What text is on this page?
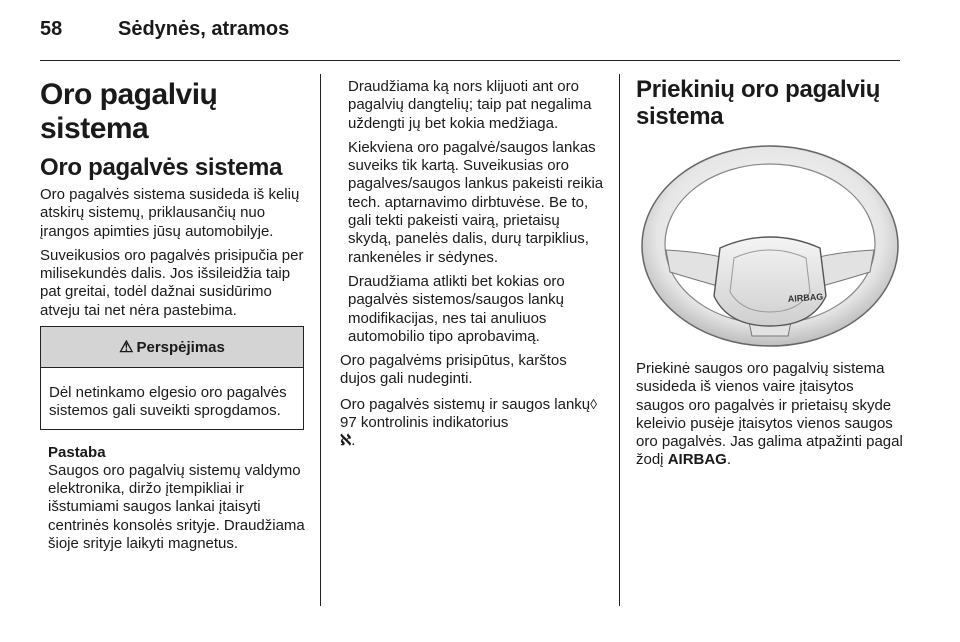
58	Sėdynės, atramos
Oro pagalvių sistema
Oro pagalvės sistema

Oro pagalvės sistema susideda iš kelių atskirų sistemų, priklausančių nuo įrangos apimties jūsų automobilyje.

Suveikusios oro pagalvės prisipučia per milisekundės dalis. Jos išsileidžia taip pat greitai, todėl dažnai susidūrimo atveju tai net nėra pastebima.

⚠ Perspėjimas
Dėl netinkamo elgesio oro pagalvės sistemos gali suveikti sprogdamos.
Pastaba

Saugos oro pagalvių sistemų valdymo elektronika, diržo įtempikliai ir išstumiami saugos lankai įtaisyti centrinės konsolės srityje. Draudžiama šioje srityje laikyti magnetus.

Draudžiama ką nors klijuoti ant oro pagalvių dangtelių; taip pat negalima uždengti jų bet kokia medžiaga.

Kiekviena oro pagalvė/saugos lankas suveiks tik kartą. Suveikusias oro pagalves/saugos lankus pakeisti reikia tech. aptarnavimo dirbtuvėse. Be to, gali tekti pakeisti vairą, prietaisų skydą, panelės dalis, durų tarpiklius, rankenėles ir sėdynes.

Draudžiama atlikti bet kokias oro pagalvės sistemos/saugos lankų modifikacijas, nes tai anuliuos automobilio tipo aprobavimą.

Oro pagalvėms prisipūtus, karštos dujos gali nudeginti.

Oro pagalvės sistemų ir saugos lankų◊ 97 kontrolinis indikatorius
ℵ.

Priekinių oro pagalvių sistema
AIRBAG

Priekinė saugos oro pagalvių sistema susideda iš vienos vaire įtaisytos saugos oro pagalvės ir prietaisų skyde keleivio pusėje įtaisytos vienos saugos oro pagalvės. Jas galima atpažinti pagal žodį AIRBAG.
